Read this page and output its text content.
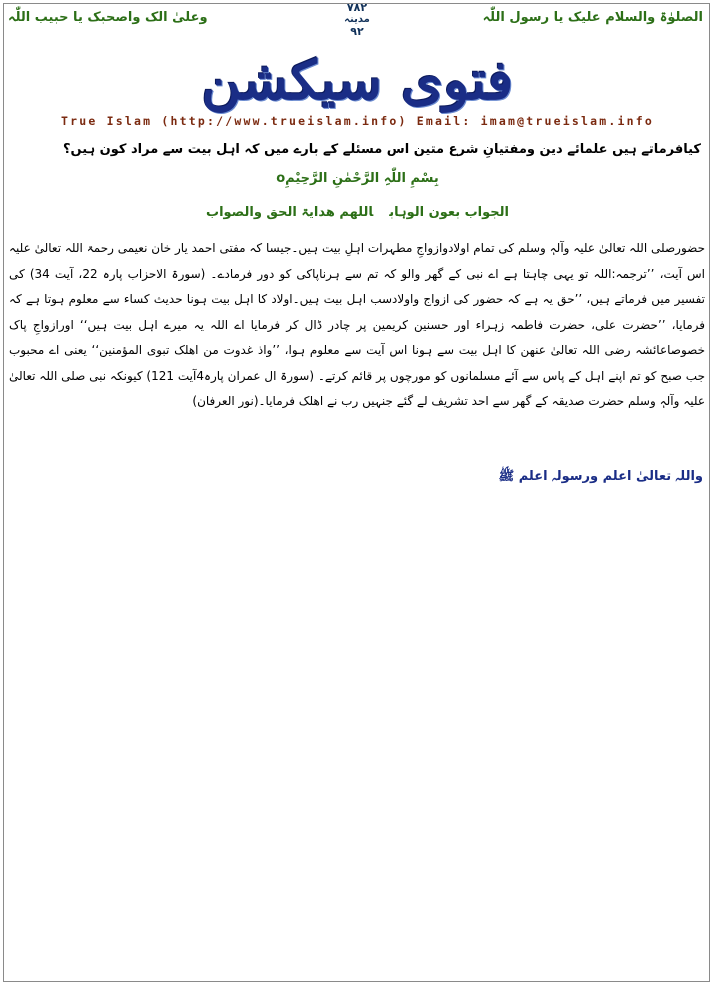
الصلوٰۃ والسلام علیک یا رسول اللّٰہ
۷۸۲
مدینہ
۹۲
وعلیٰ الک واصحبک یا حبیب اللّٰہ
فتوی سیکشن
True Islam (http://www.trueislam.info) Email: imam@trueislam.info
کیافرماتے ہیں علمائے دین ومفتیانِ شرع متین اس مسئلے کے بارے میں کہ اہل بیت سے مراد کون ہیں؟
بِسْمِ اللّٰہِ الرَّحْمٰنِ الرَّحِیْمِo
الجواب بعون الوہاباللھم ھدایۃ الحق والصواب
حضورصلی اللہ تعالیٰ علیہ وآلہٖ وسلم کی تمام اولادوازواجِ مطہرات اہلِ بیت ہیں۔جیسا کہ مفتی احمد یار خان نعیمی رحمۃ اللہ تعالیٰ علیہ اس آیت، ’’ترجمہ:اللہ تو یہی چاہتا ہے اے نبی کے گھر والو کہ تم سے ہرناپاکی کو دور فرمادے۔ (سورۃ الاحزاب پارہ 22، آیت 34) کی تفسیر میں فرماتے ہیں، ’’حق یہ ہے کہ حضور کی ازواج واولادسب اہل بیت ہیں۔اولاد کا اہل بیت ہونا حدیث کساء سے معلوم ہوتا ہے کہ فرمایا، ’’حضرت علی، حضرت فاطمہ زہراء اور حسنین کریمین پر چادر ڈال کر فرمایا اے اللہ یہ میرے اہل بیت ہیں‘‘ اورازواجِ پاک خصوصاعائشہ رضی اللہ تعالیٰ عنھن کا اہل بیت سے ہونا اس آیت سے معلوم ہوا، ’’واذ غدوت من اھلک تبوی المؤمنین‘‘ یعنی اے محبوب جب صبح کو تم اپنے اہل کے پاس سے آئے مسلمانوں کو مورچوں پر قائم کرتے۔ (سورۃ ال عمران پارہ4آیت 121) کیونکہ نبی صلی اللہ تعالیٰ علیہ وآلہٖ وسلم حضرت صدیقہ کے گھر سے احد تشریف لے گئے جنہیں رب نے اھلک فرمایا۔(نور العرفان)
واللہ تعالیٰ اعلم ورسولہ اعلم ﷺ
